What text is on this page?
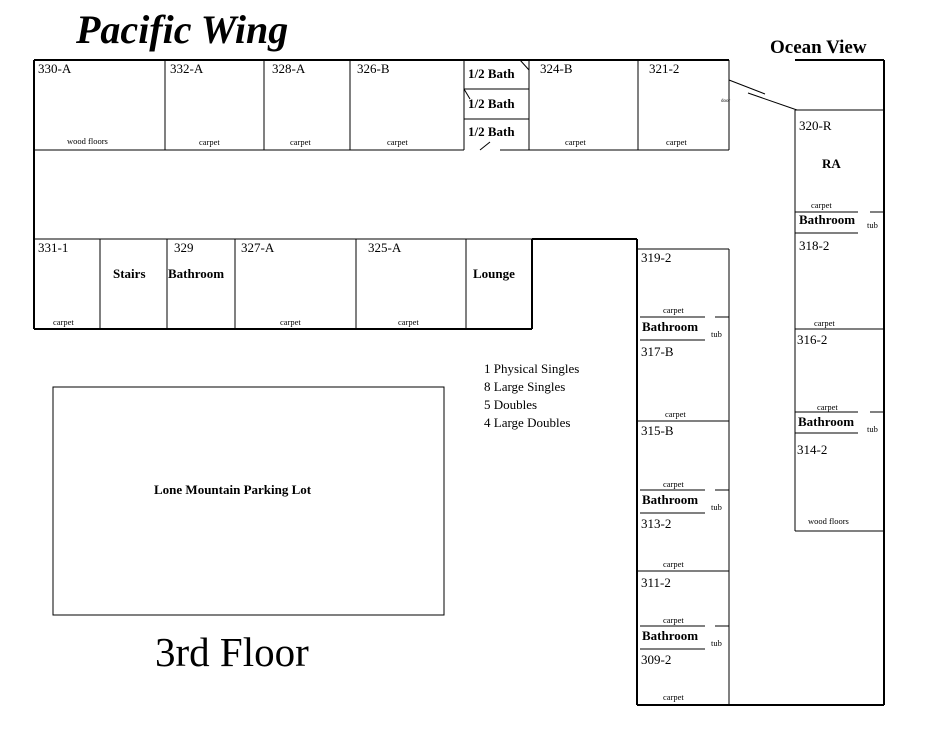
Pacific Wing	Ocean View
3rd Floor
330-A	332-A	328-A	326-B	324-B	321-2
1/2 Bath
1/2 Bath
1/2 Bath
wood floors	carpet	carpet	carpet	carpet	carpet
door
320-R
RA
carpet
Bathroom tub
318-2
carpet
316-2
carpet
Bathroom tub
314-2
wood floors
331-1
Stairs
329
Bathroom
327-A	325-A
Lounge
carpet	carpet	carpet
319-2
carpet
Bathroom tub
317-B
carpet
315-B
carpet
Bathroom tub
313-2
carpet
311-2
carpet
Bathroom tub
309-2
carpet
Lone Mountain Parking Lot
1 Physical Singles
8 Large Singles
5 Doubles
4 Large Doubles
